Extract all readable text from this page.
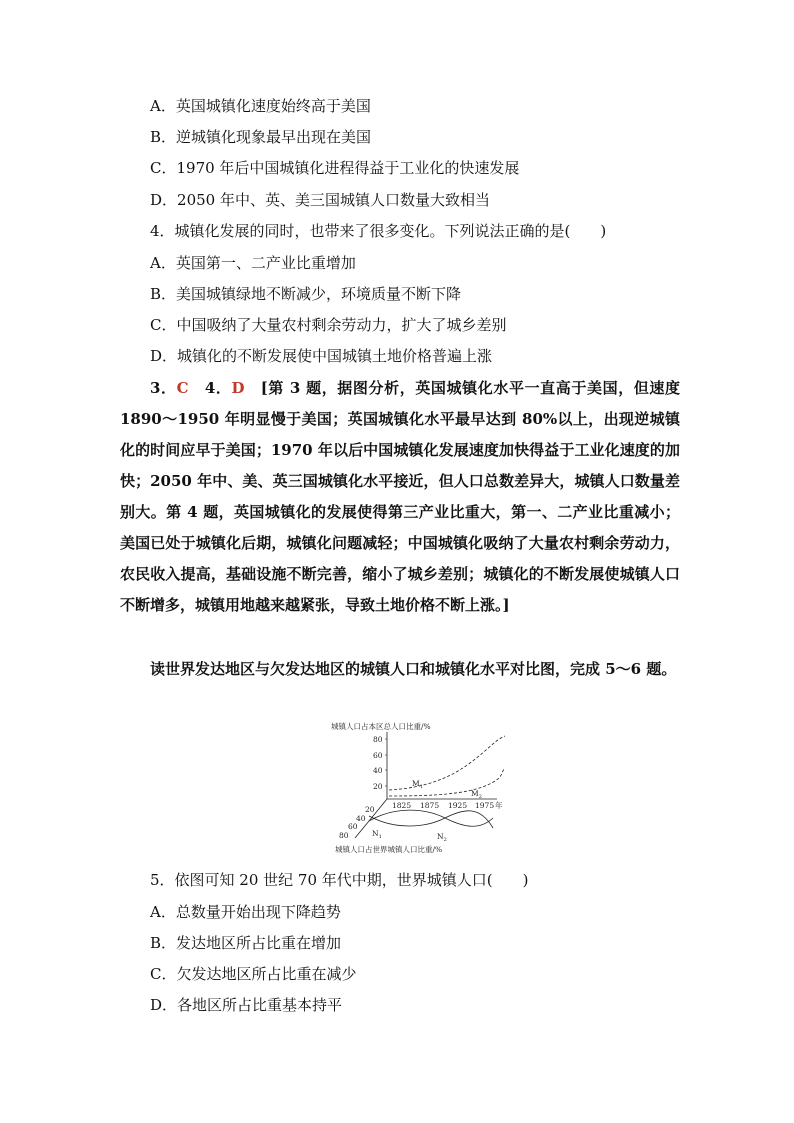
A．英国城镇化速度始终高于美国
B．逆城镇化现象最早出现在美国
C．1970 年后中国城镇化进程得益于工业化的快速发展
D．2050 年中、英、美三国城镇人口数量大致相当
4．城镇化发展的同时，也带来了很多变化。下列说法正确的是(　　)
A．英国第一、二产业比重增加
B．美国城镇绿地不断减少，环境质量不断下降
C．中国吸纳了大量农村剩余劳动力，扩大了城乡差别
D．城镇化的不断发展使中国城镇土地价格普遍上涨
3．C　4．D　[第 3 题，据图分析，英国城镇化水平一直高于美国，但速度1890～1950 年明显慢于美国；英国城镇化水平最早达到 80%以上，出现逆城镇化的时间应早于美国；1970 年以后中国城镇化发展速度加快得益于工业化速度的加快；2050 年中、美、英三国城镇化水平接近，但人口总数差异大，城镇人口数量差别大。第 4 题，英国城镇化的发展使得第三产业比重大，第一、二产业比重减小；美国已处于城镇化后期，城镇化问题减轻；中国城镇化吸纳了大量农村剩余劳动力，农民收入提高，基础设施不断完善，缩小了城乡差别；城镇化的不断发展使城镇人口不断增多，城镇用地越来越紧张，导致土地价格不断上涨。]
读世界发达地区与欠发达地区的城镇人口和城镇化水平对比图，完成 5～6 题。
城镇人口占本区总人口比重/%
80
60
40
20
1825 1875 1925 1975 年
20
40
60
80
$M_1$
$M_2$
$N_1$	$N_2$
城镇人口占世界城镇人口比重/%
5．依图可知 20 世纪 70 年代中期，世界城镇人口(　　)
A．总数量开始出现下降趋势
B．发达地区所占比重在增加
C．欠发达地区所占比重在减少
D．各地区所占比重基本持平
